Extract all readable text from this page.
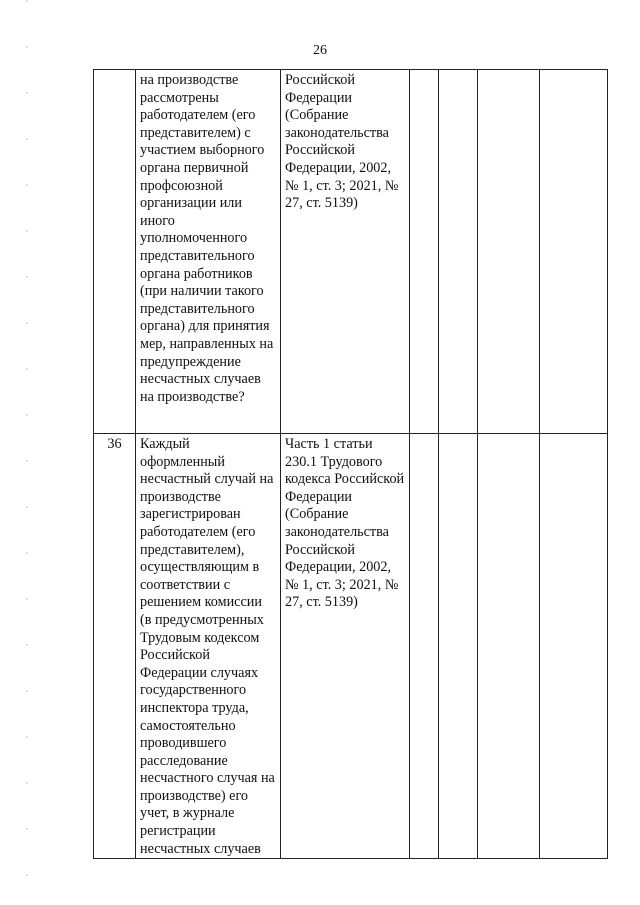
26
	на производстве рассмотрены работодателем (его представителем) с участием выборного органа первичной профсоюзной организации или иного уполномоченного представительного органа работников (при наличии такого представительного органа) для принятия мер, направленных на предупреждение несчастных случаев на производстве?	Российской Федерации (Собрание законодательства Российской Федерации, 2002, № 1, ст. 3; 2021, № 27, ст. 5139)				
36	Каждый оформленный несчастный случай на производстве зарегистрирован работодателем (его представителем), осуществляющим в соответствии с решением комиссии (в предусмотренных Трудовым кодексом Российской Федерации случаях государственного инспектора труда, самостоятельно проводившего расследование несчастного случая на производстве) его учет, в журнале регистрации несчастных случаев	Часть 1 статьи 230.1 Трудового кодекса Российской Федерации (Собрание законодательства Российской Федерации, 2002, № 1, ст. 3; 2021, № 27, ст. 5139)				
